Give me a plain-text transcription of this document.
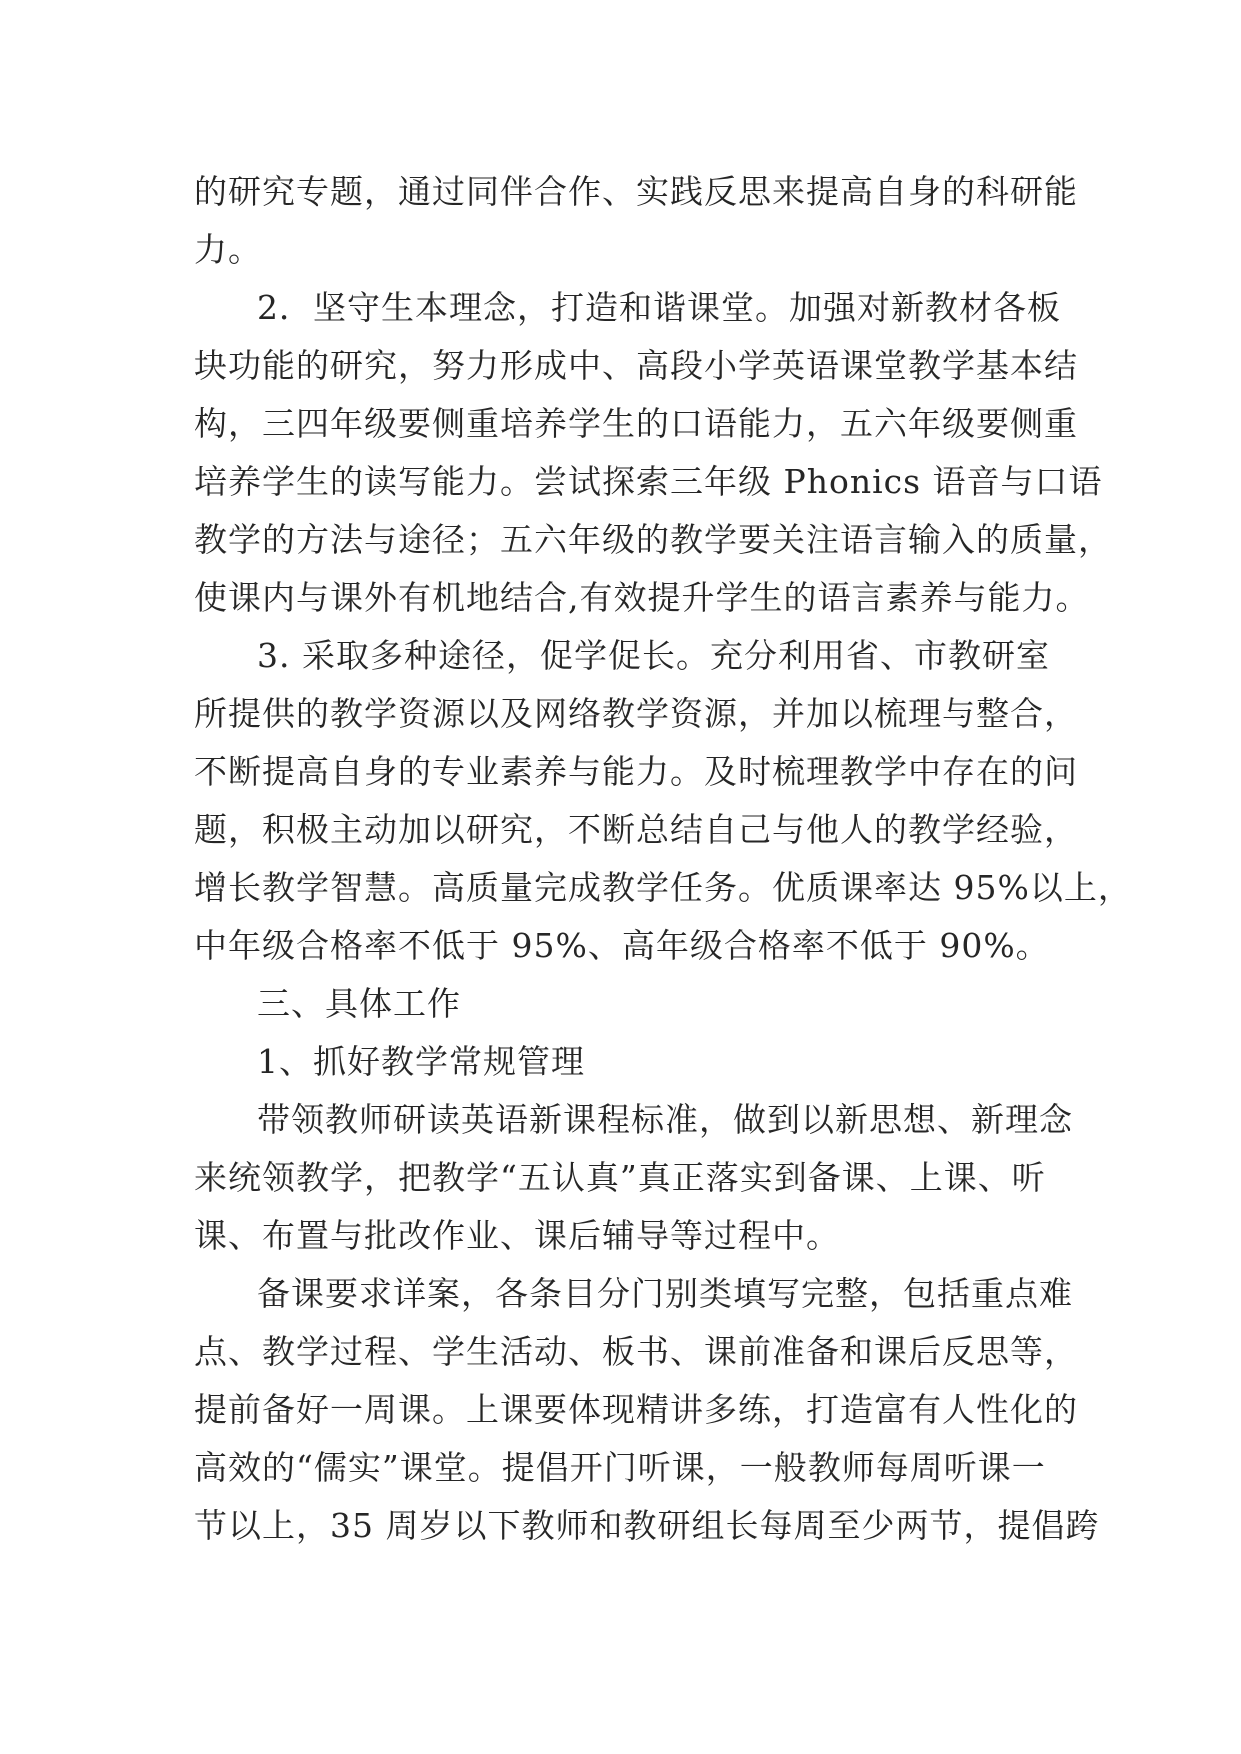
的研究专题，通过同伴合作、实践反思来提高自身的科研能
力。
2．坚守生本理念，打造和谐课堂。加强对新教材各板
块功能的研究，努力形成中、高段小学英语课堂教学基本结
构，三四年级要侧重培养学生的口语能力，五六年级要侧重
培养学生的读写能力。尝试探索三年级 Phonics 语音与口语
教学的方法与途径；五六年级的教学要关注语言输入的质量，
使课内与课外有机地结合,有效提升学生的语言素养与能力。
3. 采取多种途径，促学促长。充分利用省、市教研室
所提供的教学资源以及网络教学资源，并加以梳理与整合，
不断提高自身的专业素养与能力。及时梳理教学中存在的问
题，积极主动加以研究，不断总结自己与他人的教学经验，
增长教学智慧。高质量完成教学任务。优质课率达 95%以上，
中年级合格率不低于 95%、高年级合格率不低于 90%。
三、具体工作
1、抓好教学常规管理
带领教师研读英语新课程标准，做到以新思想、新理念
来统领教学，把教学“五认真”真正落实到备课、上课、听
课、布置与批改作业、课后辅导等过程中。
备课要求详案，各条目分门别类填写完整，包括重点难
点、教学过程、学生活动、板书、课前准备和课后反思等，
提前备好一周课。上课要体现精讲多练，打造富有人性化的
高效的“儒实”课堂。提倡开门听课，一般教师每周听课一
节以上，35 周岁以下教师和教研组长每周至少两节，提倡跨
